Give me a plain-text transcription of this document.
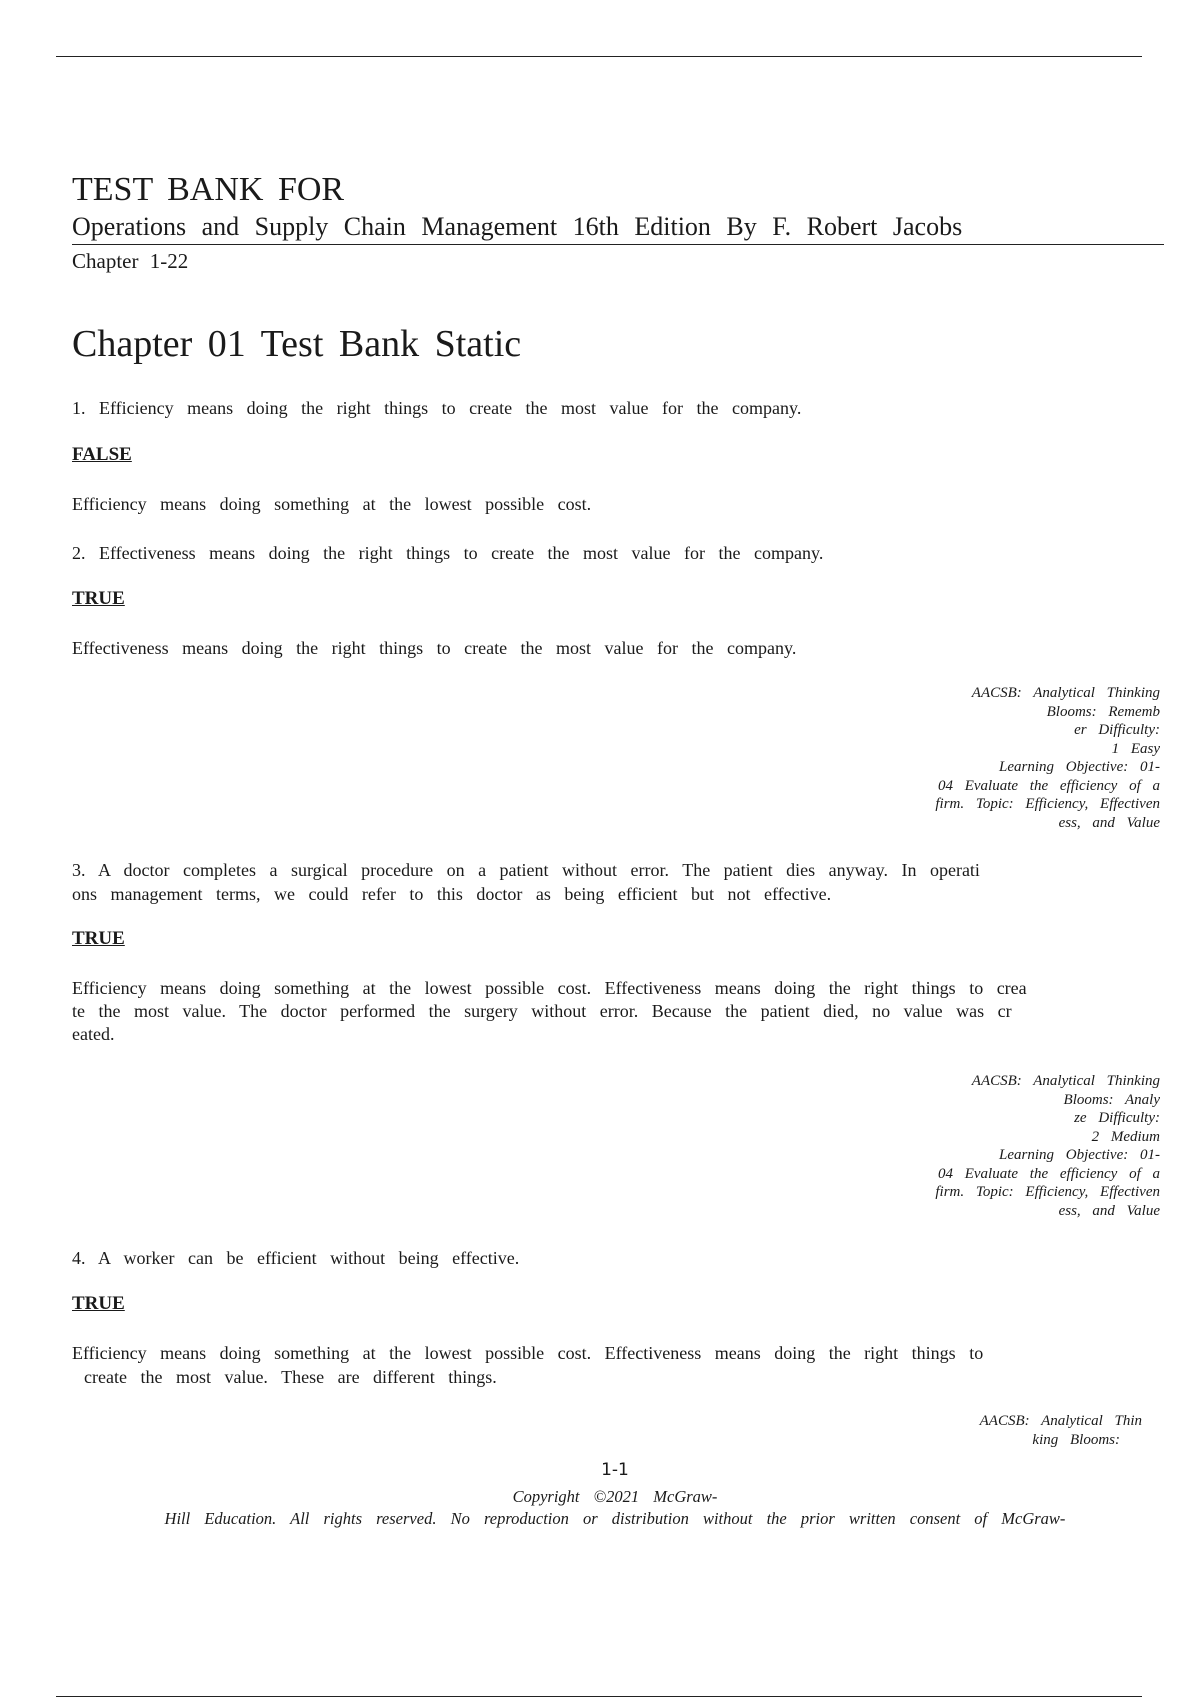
TEST BANK FOR
Operations and Supply Chain Management 16th Edition By F. Robert Jacobs
Chapter 1-22
Chapter 01 Test Bank Static
1. Efficiency means doing the right things to create the most value for the company.
FALSE
Efficiency means doing something at the lowest possible cost.
2. Effectiveness means doing the right things to create the most value for the company.
TRUE
Effectiveness means doing the right things to create the most value for the company.
AACSB: Analytical Thinking
Blooms: Rememb
er Difficulty:
1 Easy
Learning Objective: 01-
04 Evaluate the efficiency of a
firm. Topic: Efficiency, Effectiven
ess, and Value
3. A doctor completes a surgical procedure on a patient without error. The patient dies anyway. In operati
ons management terms, we could refer to this doctor as being efficient but not effective.
TRUE
Efficiency means doing something at the lowest possible cost. Effectiveness means doing the right things to crea
te the most value. The doctor performed the surgery without error. Because the patient died, no value was cr
eated.
AACSB: Analytical Thinking
Blooms: Analy
ze Difficulty:
2 Medium
Learning Objective: 01-
04 Evaluate the efficiency of a
firm. Topic: Efficiency, Effectiven
ess, and Value
4. A worker can be efficient without being effective.
TRUE
Efficiency means doing something at the lowest possible cost. Effectiveness means doing the right things to
create the most value. These are different things.
AACSB: Analytical Thin
king Blooms:
1-1
Copyright ©2021 McGraw-
Hill Education. All rights reserved. No reproduction or distribution without the prior written consent of McGraw-
